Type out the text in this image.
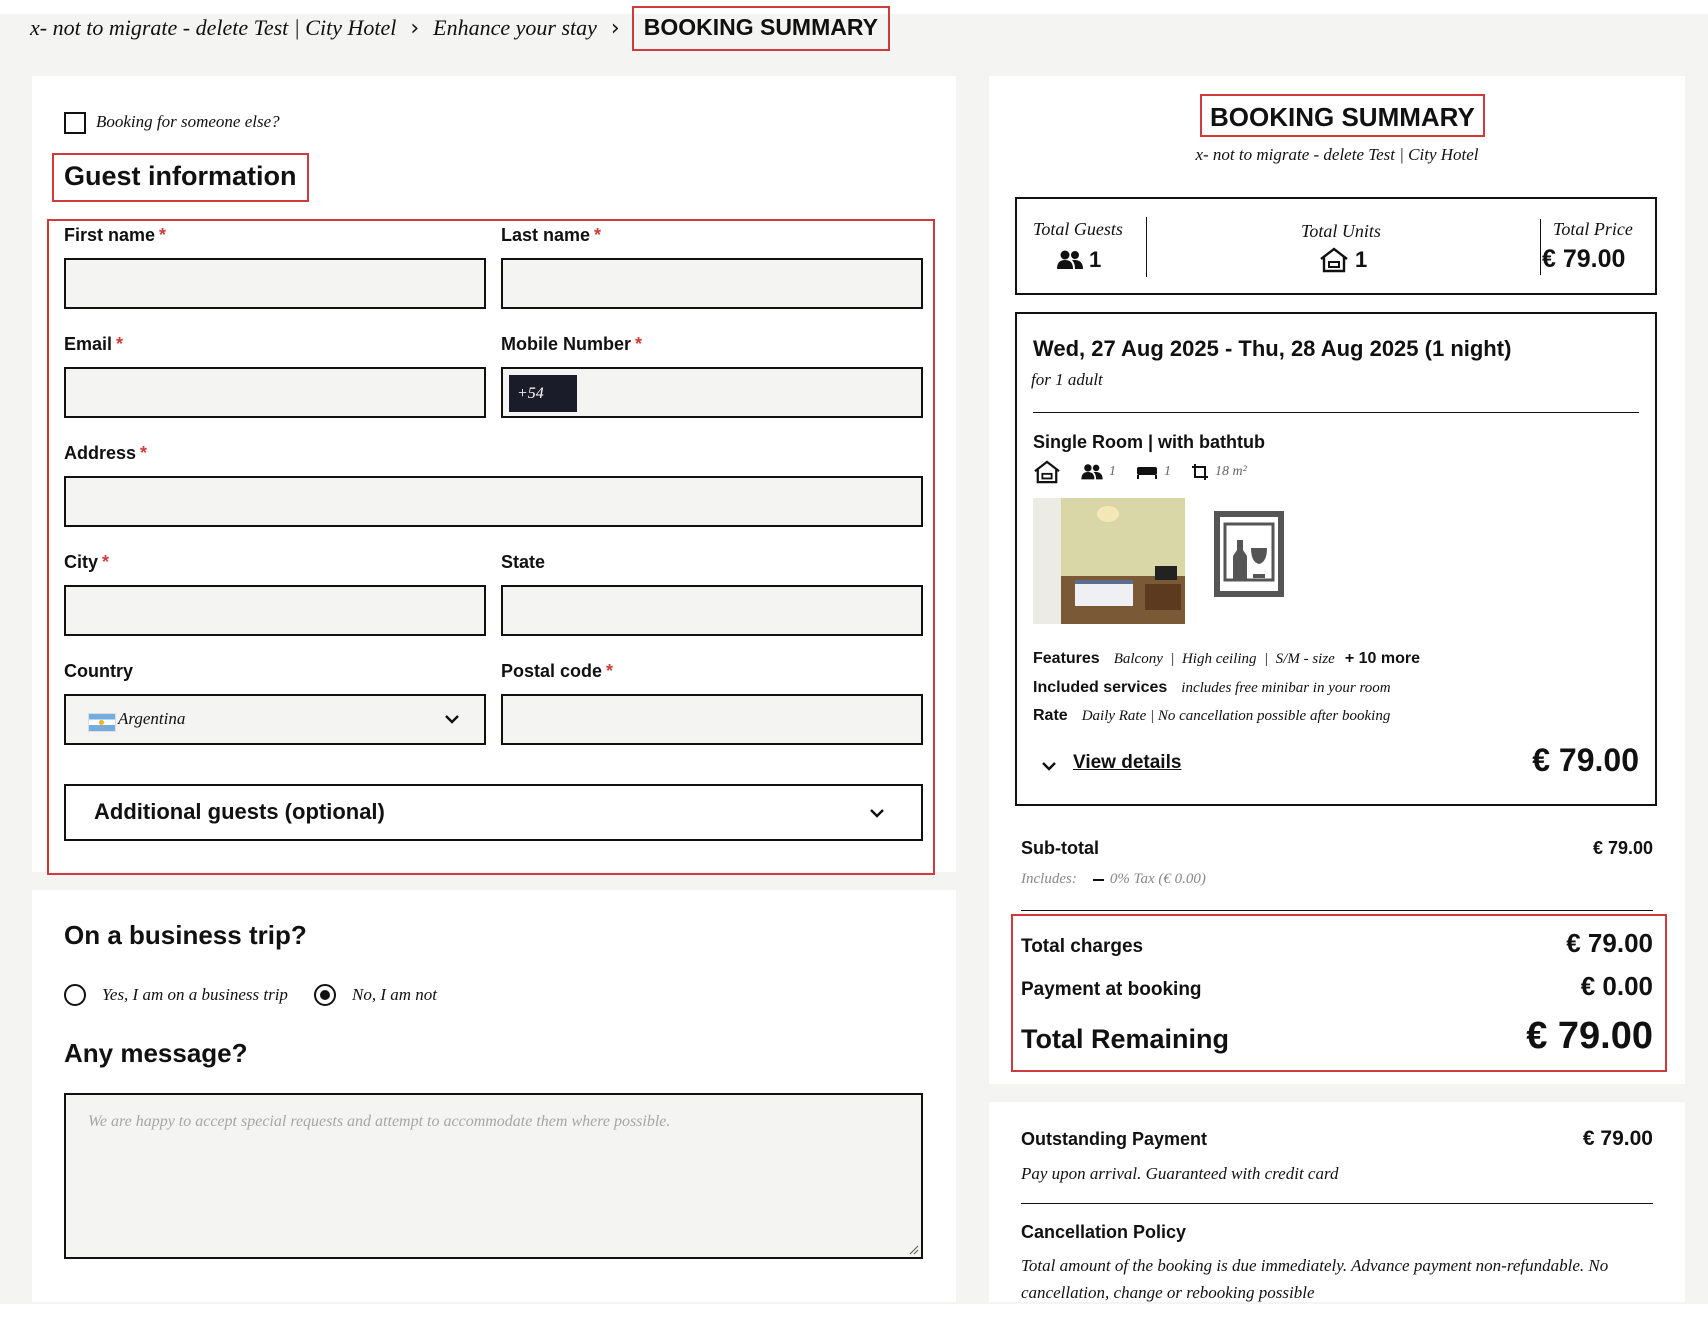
x- not to migrate - delete Test | City Hotel › Enhance your stay ›	BOOKING SUMMARY
Booking for someone else?
Guest information
First name *	Last name *
Email *	Mobile Number *
+54
Address *
City *	State
Country
Argentina
Postal code *
Additional guests (optional)
On a business trip?
Yes, I am on a business trip	No, I am not
Any message?
We are happy to accept special requests and attempt to accommodate them where possible.
BOOKING SUMMARY
x- not to migrate - delete Test | City Hotel
Total Guests
1
Total Units
1
Total Price
€ 79.00
Wed, 27 Aug 2025 - Thu, 28 Aug 2025 (1 night)
for 1 adult
Single Room | with bathtub
1	1	18 m²
Features Balcony  |  High ceiling  |  S/M - size + 10 more
Included services includes free minibar in your room
Rate Daily Rate | No cancellation possible after booking
View details	€ 79.00
Sub-total	€ 79.00
Includes: 0% Tax (€ 0.00)
Total charges	€ 79.00
Payment at booking	€ 0.00
Total Remaining	€ 79.00
Outstanding Payment	€ 79.00
Pay upon arrival. Guaranteed with credit card
Cancellation Policy
Total amount of the booking is due immediately. Advance payment non-refundable. No cancellation, change or rebooking possible
